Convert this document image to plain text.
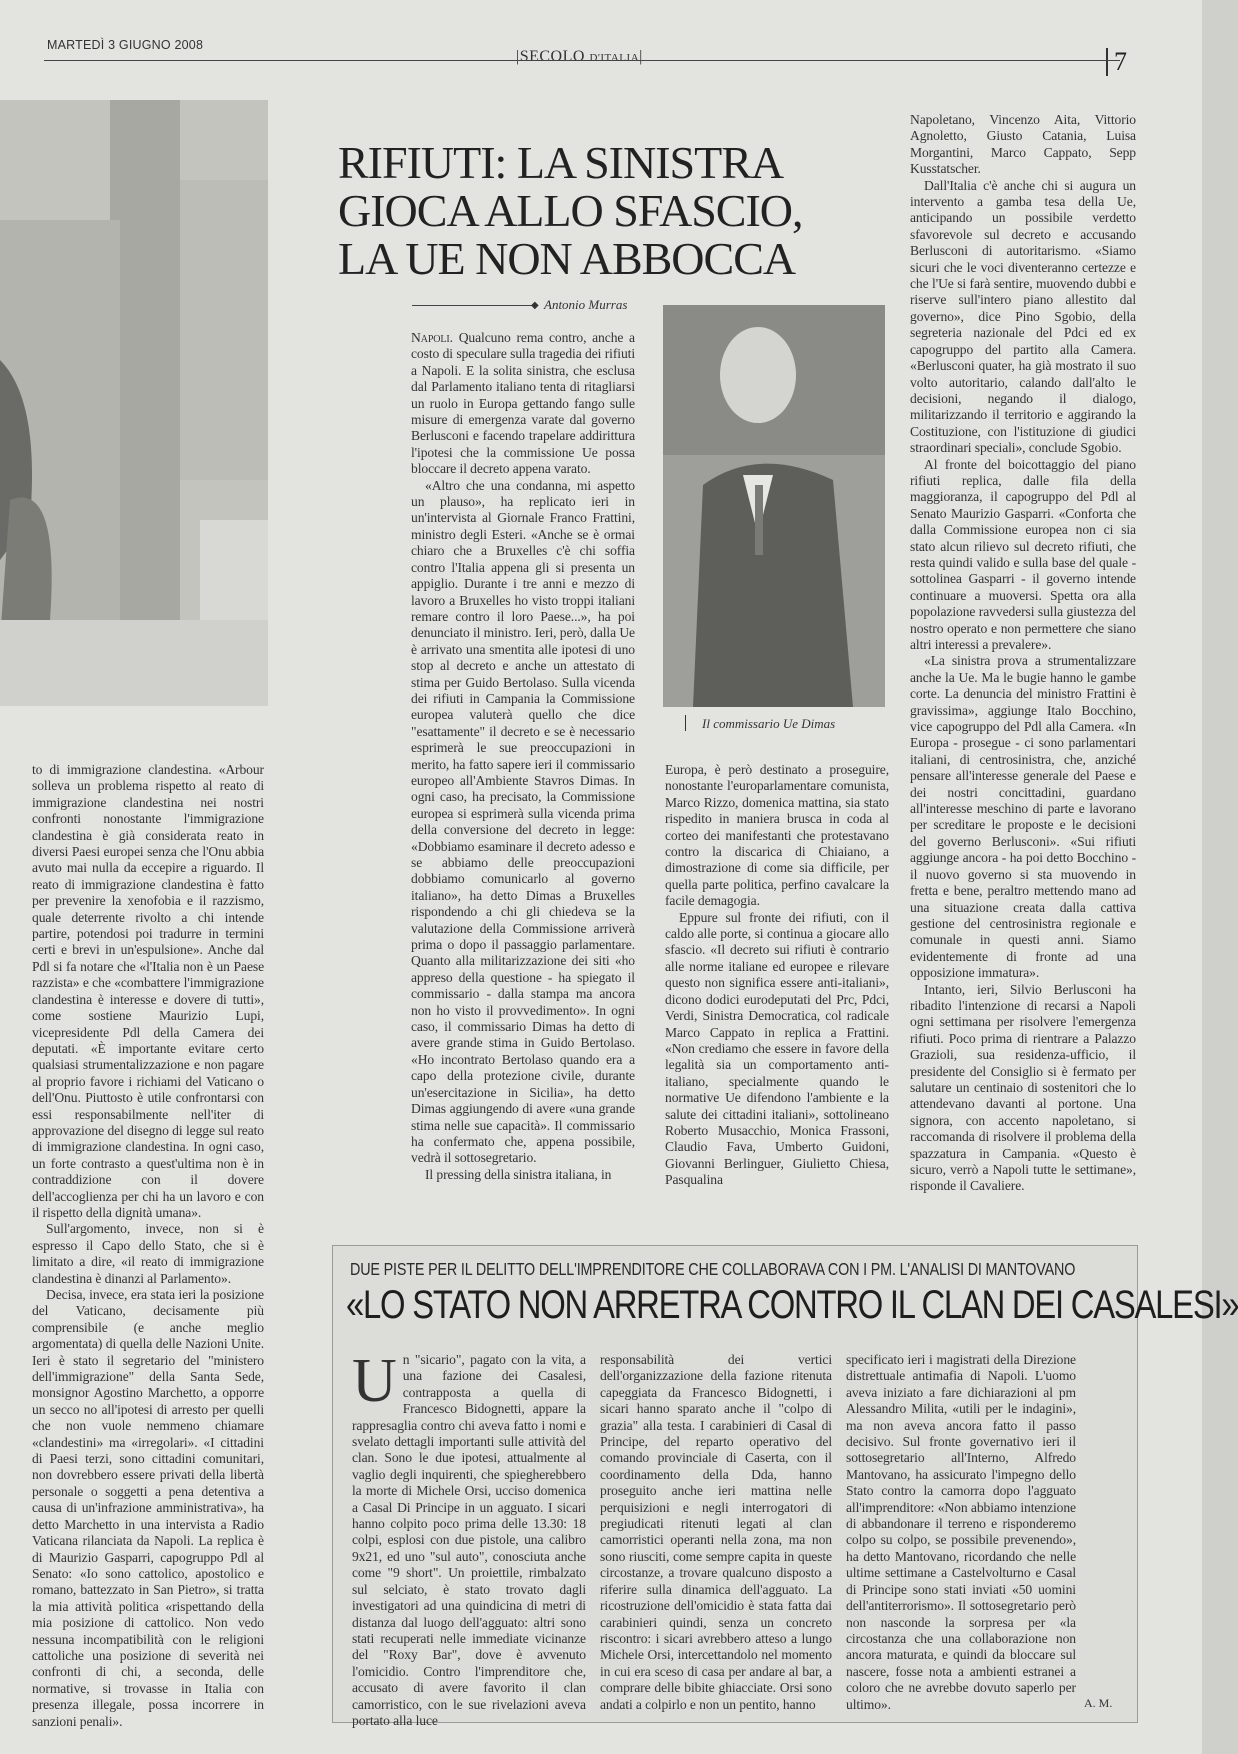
MARTEDÌ 3 GIUGNO 2008
|SECOLO D'ITALIA|	7
RIFIUTI: LA SINISTRA GIOCA ALLO SFASCIO, LA UE NON ABBOCCA
◆ Antonio Murras

Napoli. Qualcuno rema contro, anche a costo di speculare sulla tragedia dei rifiuti a Napoli. E la solita sinistra, che esclusa dal Parlamento italiano tenta di ritagliarsi un ruolo in Europa gettando fango sulle misure di emergenza varate dal governo Berlusconi e facendo trapelare addirittura l'ipotesi che la commissione Ue possa bloccare il decreto appena varato.

«Altro che una condanna, mi aspetto un plauso», ha replicato ieri in un'intervista al Giornale Franco Frattini, ministro degli Esteri. «Anche se è ormai chiaro che a Bruxelles c'è chi soffia contro l'Italia appena gli si presenta un appiglio. Durante i tre anni e mezzo di lavoro a Bruxelles ho visto troppi italiani remare contro il loro Paese...», ha poi denunciato il ministro. Ieri, però, dalla Ue è arrivato una smentita alle ipotesi di uno stop al decreto e anche un attestato di stima per Guido Bertolaso. Sulla vicenda dei rifiuti in Campania la Commissione europea valuterà quello che dice "esattamente" il decreto e se è necessario esprimerà le sue preoccupazioni in merito, ha fatto sapere ieri il commissario europeo all'Ambiente Stavros Dimas. In ogni caso, ha precisato, la Commissione europea si esprimerà sulla vicenda prima della conversione del decreto in legge: «Dobbiamo esaminare il decreto adesso e se abbiamo delle preoccupazioni dobbiamo comunicarlo al governo italiano», ha detto Dimas a Bruxelles rispondendo a chi gli chiedeva se la valutazione della Commissione arriverà prima o dopo il passaggio parlamentare. Quanto alla militarizzazione dei siti «ho appreso della questione - ha spiegato il commissario - dalla stampa ma ancora non ho visto il provvedimento». In ogni caso, il commissario Dimas ha detto di avere grande stima in Guido Bertolaso. «Ho incontrato Bertolaso quando era a capo della protezione civile, durante un'esercitazione in Sicilia», ha detto Dimas aggiungendo di avere «una grande stima nelle sue capacità». Il commissario ha confermato che, appena possibile, vedrà il sottosegretario.

Il pressing della sinistra italiana, in

Il commissario Ue Dimas

Europa, è però destinato a proseguire, nonostante l'europarlamentare comunista, Marco Rizzo, domenica mattina, sia stato rispedito in maniera brusca in coda al corteo dei manifestanti che protestavano contro la discarica di Chiaiano, a dimostrazione di come sia difficile, per quella parte politica, perfino cavalcare la facile demagogia.

Eppure sul fronte dei rifiuti, con il caldo alle porte, si continua a giocare allo sfascio. «Il decreto sui rifiuti è contrario alle norme italiane ed europee e rilevare questo non significa essere anti-italiani», dicono dodici eurodeputati del Prc, Pdci, Verdi, Sinistra Democratica, col radicale Marco Cappato in replica a Frattini. «Non crediamo che essere in favore della legalità sia un comportamento anti-italiano, specialmente quando le normative Ue difendono l'ambiente e la salute dei cittadini italiani», sottolineano Roberto Musacchio, Monica Frassoni, Claudio Fava, Umberto Guidoni, Giovanni Berlinguer, Giulietto Chiesa, Pasqualina

Napoletano, Vincenzo Aita, Vittorio Agnoletto, Giusto Catania, Luisa Morgantini, Marco Cappato, Sepp Kusstatscher.

Dall'Italia c'è anche chi si augura un intervento a gamba tesa della Ue, anticipando un possibile verdetto sfavorevole sul decreto e accusando Berlusconi di autoritarismo. «Siamo sicuri che le voci diventeranno certezze e che l'Ue si farà sentire, muovendo dubbi e riserve sull'intero piano allestito dal governo», dice Pino Sgobio, della segreteria nazionale del Pdci ed ex capogruppo del partito alla Camera. «Berlusconi quater, ha già mostrato il suo volto autoritario, calando dall'alto le decisioni, negando il dialogo, militarizzando il territorio e aggirando la Costituzione, con l'istituzione di giudici straordinari speciali», conclude Sgobio.

Al fronte del boicottaggio del piano rifiuti replica, dalle fila della maggioranza, il capogruppo del Pdl al Senato Maurizio Gasparri. «Conforta che dalla Commissione europea non ci sia stato alcun rilievo sul decreto rifiuti, che resta quindi valido e sulla base del quale - sottolinea Gasparri - il governo intende continuare a muoversi. Spetta ora alla popolazione ravvedersi sulla giustezza del nostro operato e non permettere che siano altri interessi a prevalere».

«La sinistra prova a strumentalizzare anche la Ue. Ma le bugie hanno le gambe corte. La denuncia del ministro Frattini è gravissima», aggiunge Italo Bocchino, vice capogruppo del Pdl alla Camera. «In Europa - prosegue - ci sono parlamentari italiani, di centrosinistra, che, anziché pensare all'interesse generale del Paese e dei nostri concittadini, guardano all'interesse meschino di parte e lavorano per screditare le proposte e le decisioni del governo Berlusconi». «Sui rifiuti aggiunge ancora - ha poi detto Bocchino - il nuovo governo si sta muovendo in fretta e bene, peraltro mettendo mano ad una situazione creata dalla cattiva gestione del centrosinistra regionale e comunale in questi anni. Siamo evidentemente di fronte ad una opposizione immatura».

Intanto, ieri, Silvio Berlusconi ha ribadito l'intenzione di recarsi a Napoli ogni settimana per risolvere l'emergenza rifiuti. Poco prima di rientrare a Palazzo Grazioli, sua residenza-ufficio, il presidente del Consiglio si è fermato per salutare un centinaio di sostenitori che lo attendevano davanti al portone. Una signora, con accento napoletano, si raccomanda di risolvere il problema della spazzatura in Campania. «Questo è sicuro, verrò a Napoli tutte le settimane», risponde il Cavaliere.

to di immigrazione clandestina. «Arbour solleva un problema rispetto al reato di immigrazione clandestina nei nostri confronti nonostante l'immigrazione clandestina è già considerata reato in diversi Paesi europei senza che l'Onu abbia avuto mai nulla da eccepire a riguardo. Il reato di immigrazione clandestina è fatto per prevenire la xenofobia e il razzismo, quale deterrente rivolto a chi intende partire, potendosi poi tradurre in termini certi e brevi in un'espulsione». Anche dal Pdl si fa notare che «l'Italia non è un Paese razzista» e che «combattere l'immigrazione clandestina è interesse e dovere di tutti», come sostiene Maurizio Lupi, vicepresidente Pdl della Camera dei deputati. «È importante evitare certo qualsiasi strumentalizzazione e non pagare al proprio favore i richiami del Vaticano o dell'Onu. Piuttosto è utile confrontarsi con essi responsabilmente nell'iter di approvazione del disegno di legge sul reato di immigrazione clandestina. In ogni caso, un forte contrasto a quest'ultima non è in contraddizione con il dovere dell'accoglienza per chi ha un lavoro e con il rispetto della dignità umana».

Sull'argomento, invece, non si è espresso il Capo dello Stato, che si è limitato a dire, «il reato di immigrazione clandestina è dinanzi al Parlamento».

Decisa, invece, era stata ieri la posizione del Vaticano, decisamente più comprensibile (e anche meglio argomentata) di quella delle Nazioni Unite. Ieri è stato il segretario del "ministero dell'immigrazione" della Santa Sede, monsignor Agostino Marchetto, a opporre un secco no all'ipotesi di arresto per quelli che non vuole nemmeno chiamare «clandestini» ma «irregolari». «I cittadini di Paesi terzi, sono cittadini comunitari, non dovrebbero essere privati della libertà personale o soggetti a pena detentiva a causa di un'infrazione amministrativa», ha detto Marchetto in una intervista a Radio Vaticana rilanciata da Napoli. La replica è di Maurizio Gasparri, capogruppo Pdl al Senato: «Io sono cattolico, apostolico e romano, battezzato in San Pietro», si tratta la mia attività politica «rispettando della mia posizione di cattolico. Non vedo nessuna incompatibilità con le religioni cattoliche una posizione di severità nei confronti di chi, a seconda, delle normative, si trovasse in Italia con presenza illegale, possa incorrere in sanzioni penali».

DUE PISTE PER IL DELITTO DELL'IMPRENDITORE CHE COLLABORAVA CON I PM. L'ANALISI DI MANTOVANO
«LO STATO NON ARRETRA CONTRO IL CLAN DEI CASALESI»

Un "sicario", pagato con la vita, a una fazione dei Casalesi, contrapposta a quella di Francesco Bidognetti, appare la rappresaglia contro chi aveva fatto i nomi e svelato dettagli importanti sulle attività del clan. Sono le due ipotesi, attualmente al vaglio degli inquirenti, che spiegherebbero la morte di Michele Orsi, ucciso domenica a Casal Di Principe in un agguato. I sicari hanno colpito poco prima delle 13.30: 18 colpi, esplosi con due pistole, una calibro 9x21, ed uno "sul auto", conosciuta anche come "9 short". Un proiettile, rimbalzato sul selciato, è stato trovato dagli investigatori ad una quindicina di metri di distanza dal luogo dell'agguato: altri sono stati recuperati nelle immediate vicinanze del "Roxy Bar", dove è avvenuto l'omicidio. Contro l'imprenditore che, accusato di avere favorito il clan camorristico, con le sue rivelazioni aveva portato alla luce

responsabilità dei vertici dell'organizzazione della fazione ritenuta capeggiata da Francesco Bidognetti, i sicari hanno sparato anche il "colpo di grazia" alla testa. I carabinieri di Casal di Principe, del reparto operativo del comando provinciale di Caserta, con il coordinamento della Dda, hanno proseguito anche ieri mattina nelle perquisizioni e negli interrogatori di pregiudicati ritenuti legati al clan camorristici operanti nella zona, ma non sono riusciti, come sempre capita in queste circostanze, a trovare qualcuno disposto a riferire sulla dinamica dell'agguato. La ricostruzione dell'omicidio è stata fatta dai carabinieri quindi, senza un concreto riscontro: i sicari avrebbero atteso a lungo Michele Orsi, intercettandolo nel momento in cui era sceso di casa per andare al bar, a comprare delle bibite ghiacciate. Orsi sono andati a colpirlo e non un pentito, hanno

specificato ieri i magistrati della Direzione distrettuale antimafia di Napoli. L'uomo aveva iniziato a fare dichiarazioni al pm Alessandro Milita, «utili per le indagini», ma non aveva ancora fatto il passo decisivo. Sul fronte governativo ieri il sottosegretario all'Interno, Alfredo Mantovano, ha assicurato l'impegno dello Stato contro la camorra dopo l'agguato all'imprenditore: «Non abbiamo intenzione di abbandonare il terreno e risponderemo colpo su colpo, se possibile prevenendo», ha detto Mantovano, ricordando che nelle ultime settimane a Castelvolturno e Casal di Principe sono stati inviati «50 uomini dell'antiterrorismo». Il sottosegretario però non nasconde la sorpresa per «la circostanza che una collaborazione non ancora maturata, e quindi da bloccare sul nascere, fosse nota a ambienti estranei a coloro che ne avrebbe dovuto saperlo per ultimo».	A. M.
